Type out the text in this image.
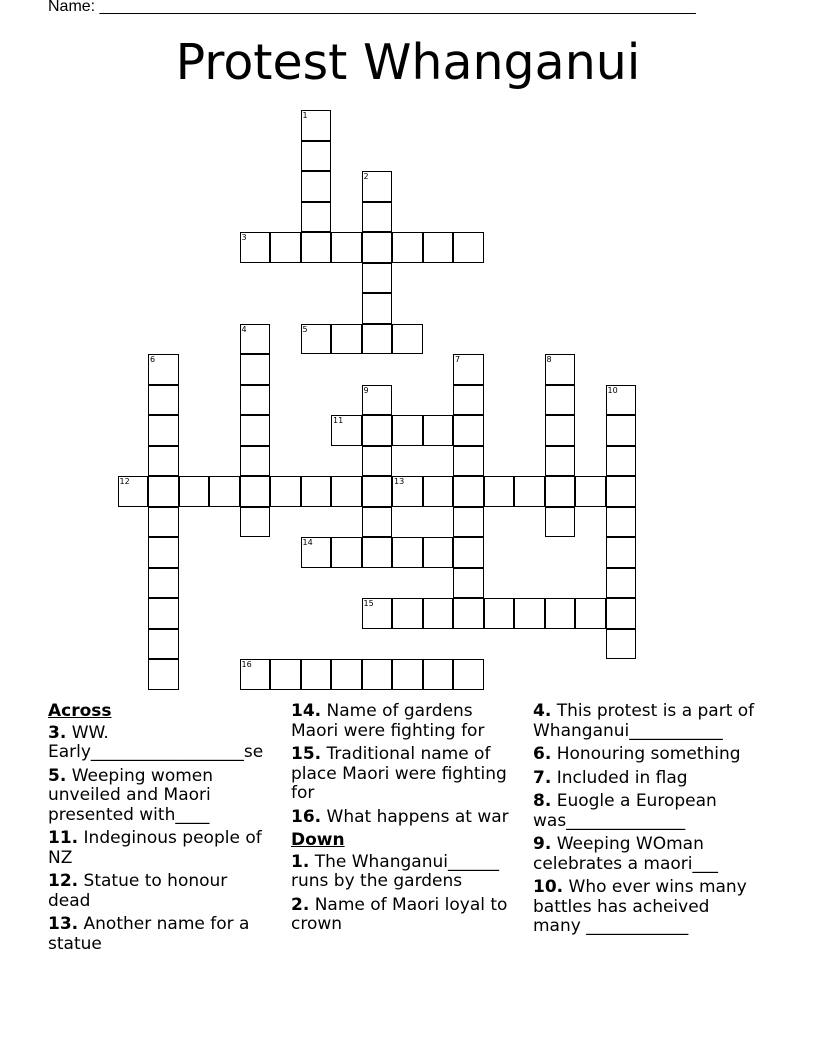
Name: ___________________________________________________________________
Protest Whanganui
1
2
3
4	5
6	7	8
9	10
11
12	13
14
15
16
Across
3. WW. Early__________________se
5. Weeping women unveiled and Maori presented with____
11. Indeginous people of NZ
12. Statue to honour dead
13. Another name for a statue
14. Name of gardens Maori were fighting for
15. Traditional name of place Maori were fighting for
16. What happens at war
Down
1. The Whanganui______ runs by the gardens
2. Name of Maori loyal to crown
4. This protest is a part of Whanganui___________
6. Honouring something
7. Included in flag
8. Euogle a European was______________
9. Weeping WOman celebrates a maori___
10. Who ever wins many battles has acheived many ____________
